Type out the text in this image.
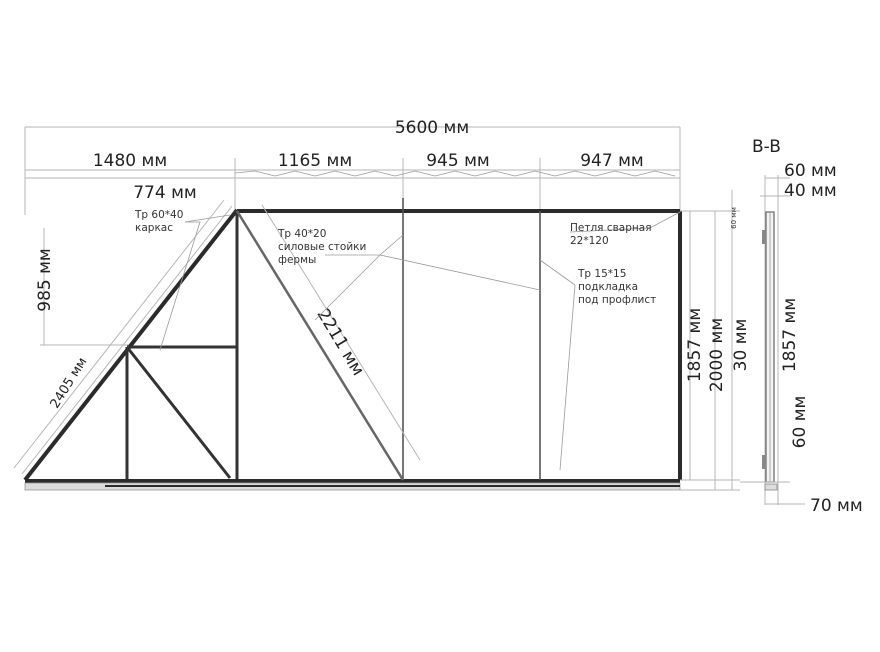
5600 мм
1480 мм	1165 мм	945 мм	947 мм
774 мм
985 мм
2405 мм
2211 мм
Тр 60*40 каркас	Тр 40*20 силовые стойки фермы
Петля сварная 22*120
Тр 15*15 подкладка под профлист
1857 мм 2000 мм 30 мм
60 мм
B-B
60 мм
40 мм
1857 мм
60 мм
70 мм
